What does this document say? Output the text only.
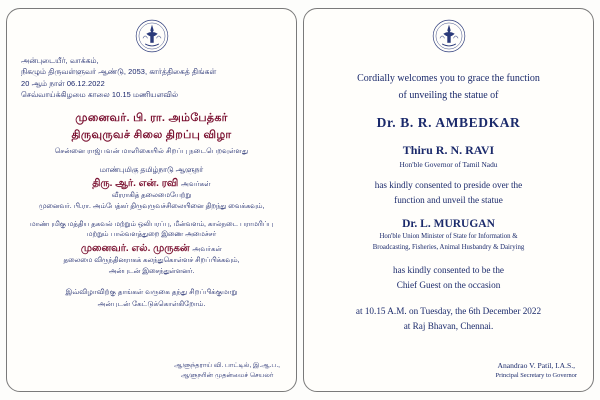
அன்புடையீர், வாக்கம்,
நிகழும் திருவள்ளுவர் ஆண்டு, 2053, கார்த்திகைத் திங்கள்
20 ஆம் நாள் 06.12.2022
செவ்வாய்க்கிழமை காலை 10.15 மணியளவில்
முனைவர். பி. ரா. அம்பேத்கர்
திருவுருவச் சிலை திறப்பு விழா
சென்னை ராஜ்பவன் மாளிகையில் சிறப்பு நடைபெறவுள்ளது
மாண்புமிகு தமிழ்நாடு ஆளுநர்
திரு. ஆர். என். ரவி அவர்கள்
வீரராகித் தலைமையேற்று
முனைவர். பி.ரா. அம்பேத்கர் திருவுருவச்சிலையினை திறந்து வைக்கவும்,
மாண்புமிகு மத்திய தகவல் மற்றும் ஒலிபரப்பு, மீன்வளம், கால்நடை பராமரிப்பு
மற்றும் பால்வளத்துறை இணை அமைச்சர்
முனைவர். எல். முருகன் அவர்கள்
தலைமை விருந்தினராகக் கலந்துகொள்ளச் சிறப்பிக்கவும்,
அன்புடன் இசைந்துள்ளனர்.
இவ்விழாவிற்கு தாங்கள் வருகை தந்து சிறப்பிக்குமாறு
அன்புடன் கேட்டுக்கொள்கிறோம்.
ஆளுந்தராய் வி. பாட்டில், இ.ஆ.ப.,
ஆளுநரின் முதன்மைச் செயலர்
Cordially welcomes you to grace the function
of unveiling the statue of
Dr. B. R. AMBEDKAR
Thiru R. N. RAVI
Hon'ble Governor of Tamil Nadu
has kindly consented to preside over the
function and unveil the statue
Dr. L. MURUGAN
Hon'ble Union Minister of State for Information &
Broadcasting, Fisheries, Animal Husbandry & Dairying
has kindly consented to be the
Chief Guest on the occasion
at 10.15 A.M. on Tuesday, the 6th December 2022
at Raj Bhavan, Chennai.
Anandrao V. Patil, I.A.S.,
Principal Secretary to Governor
